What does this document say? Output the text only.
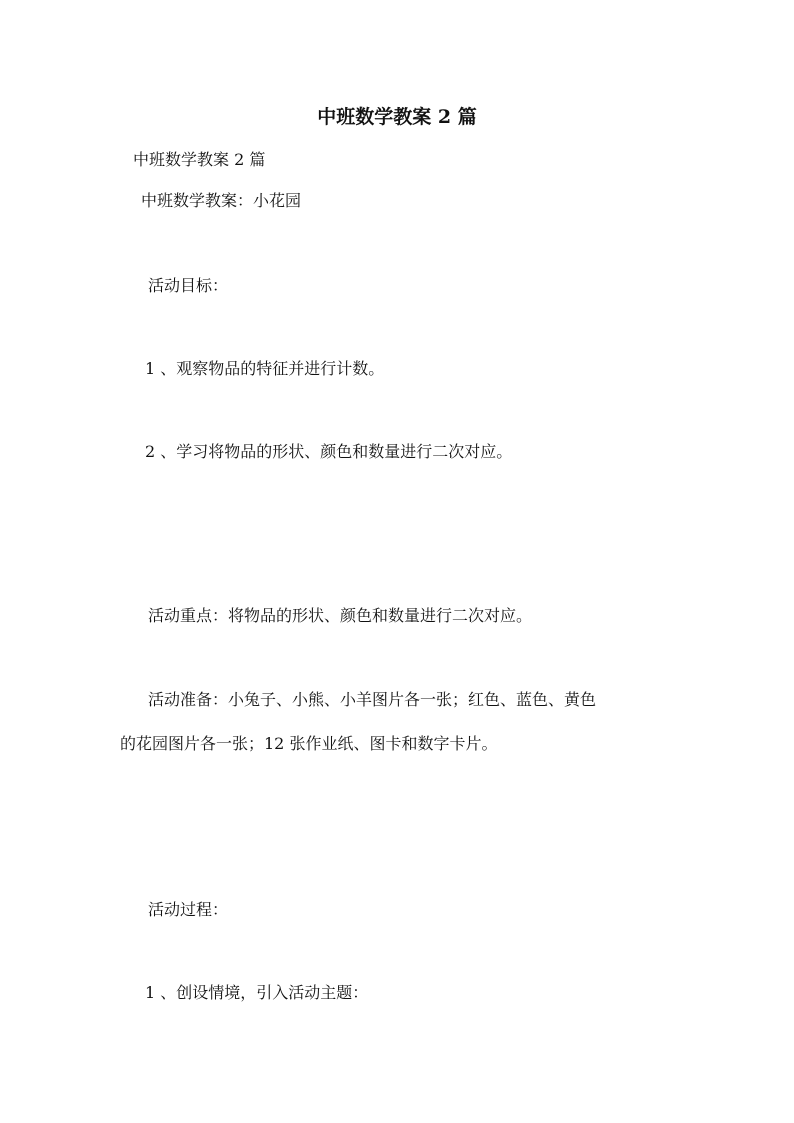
中班数学教案 2 篇

中班数学教案 2 篇

中班数学教案：小花园

活动目标：

1 、观察物品的特征并进行计数。

2 、学习将物品的形状、颜色和数量进行二次对应。

活动重点：将物品的形状、颜色和数量进行二次对应。

活动准备：小兔子、小熊、小羊图片各一张；红色、蓝色、黄色

的花园图片各一张；12 张作业纸、图卡和数字卡片。

活动过程：

1 、创设情境，引入活动主题：
